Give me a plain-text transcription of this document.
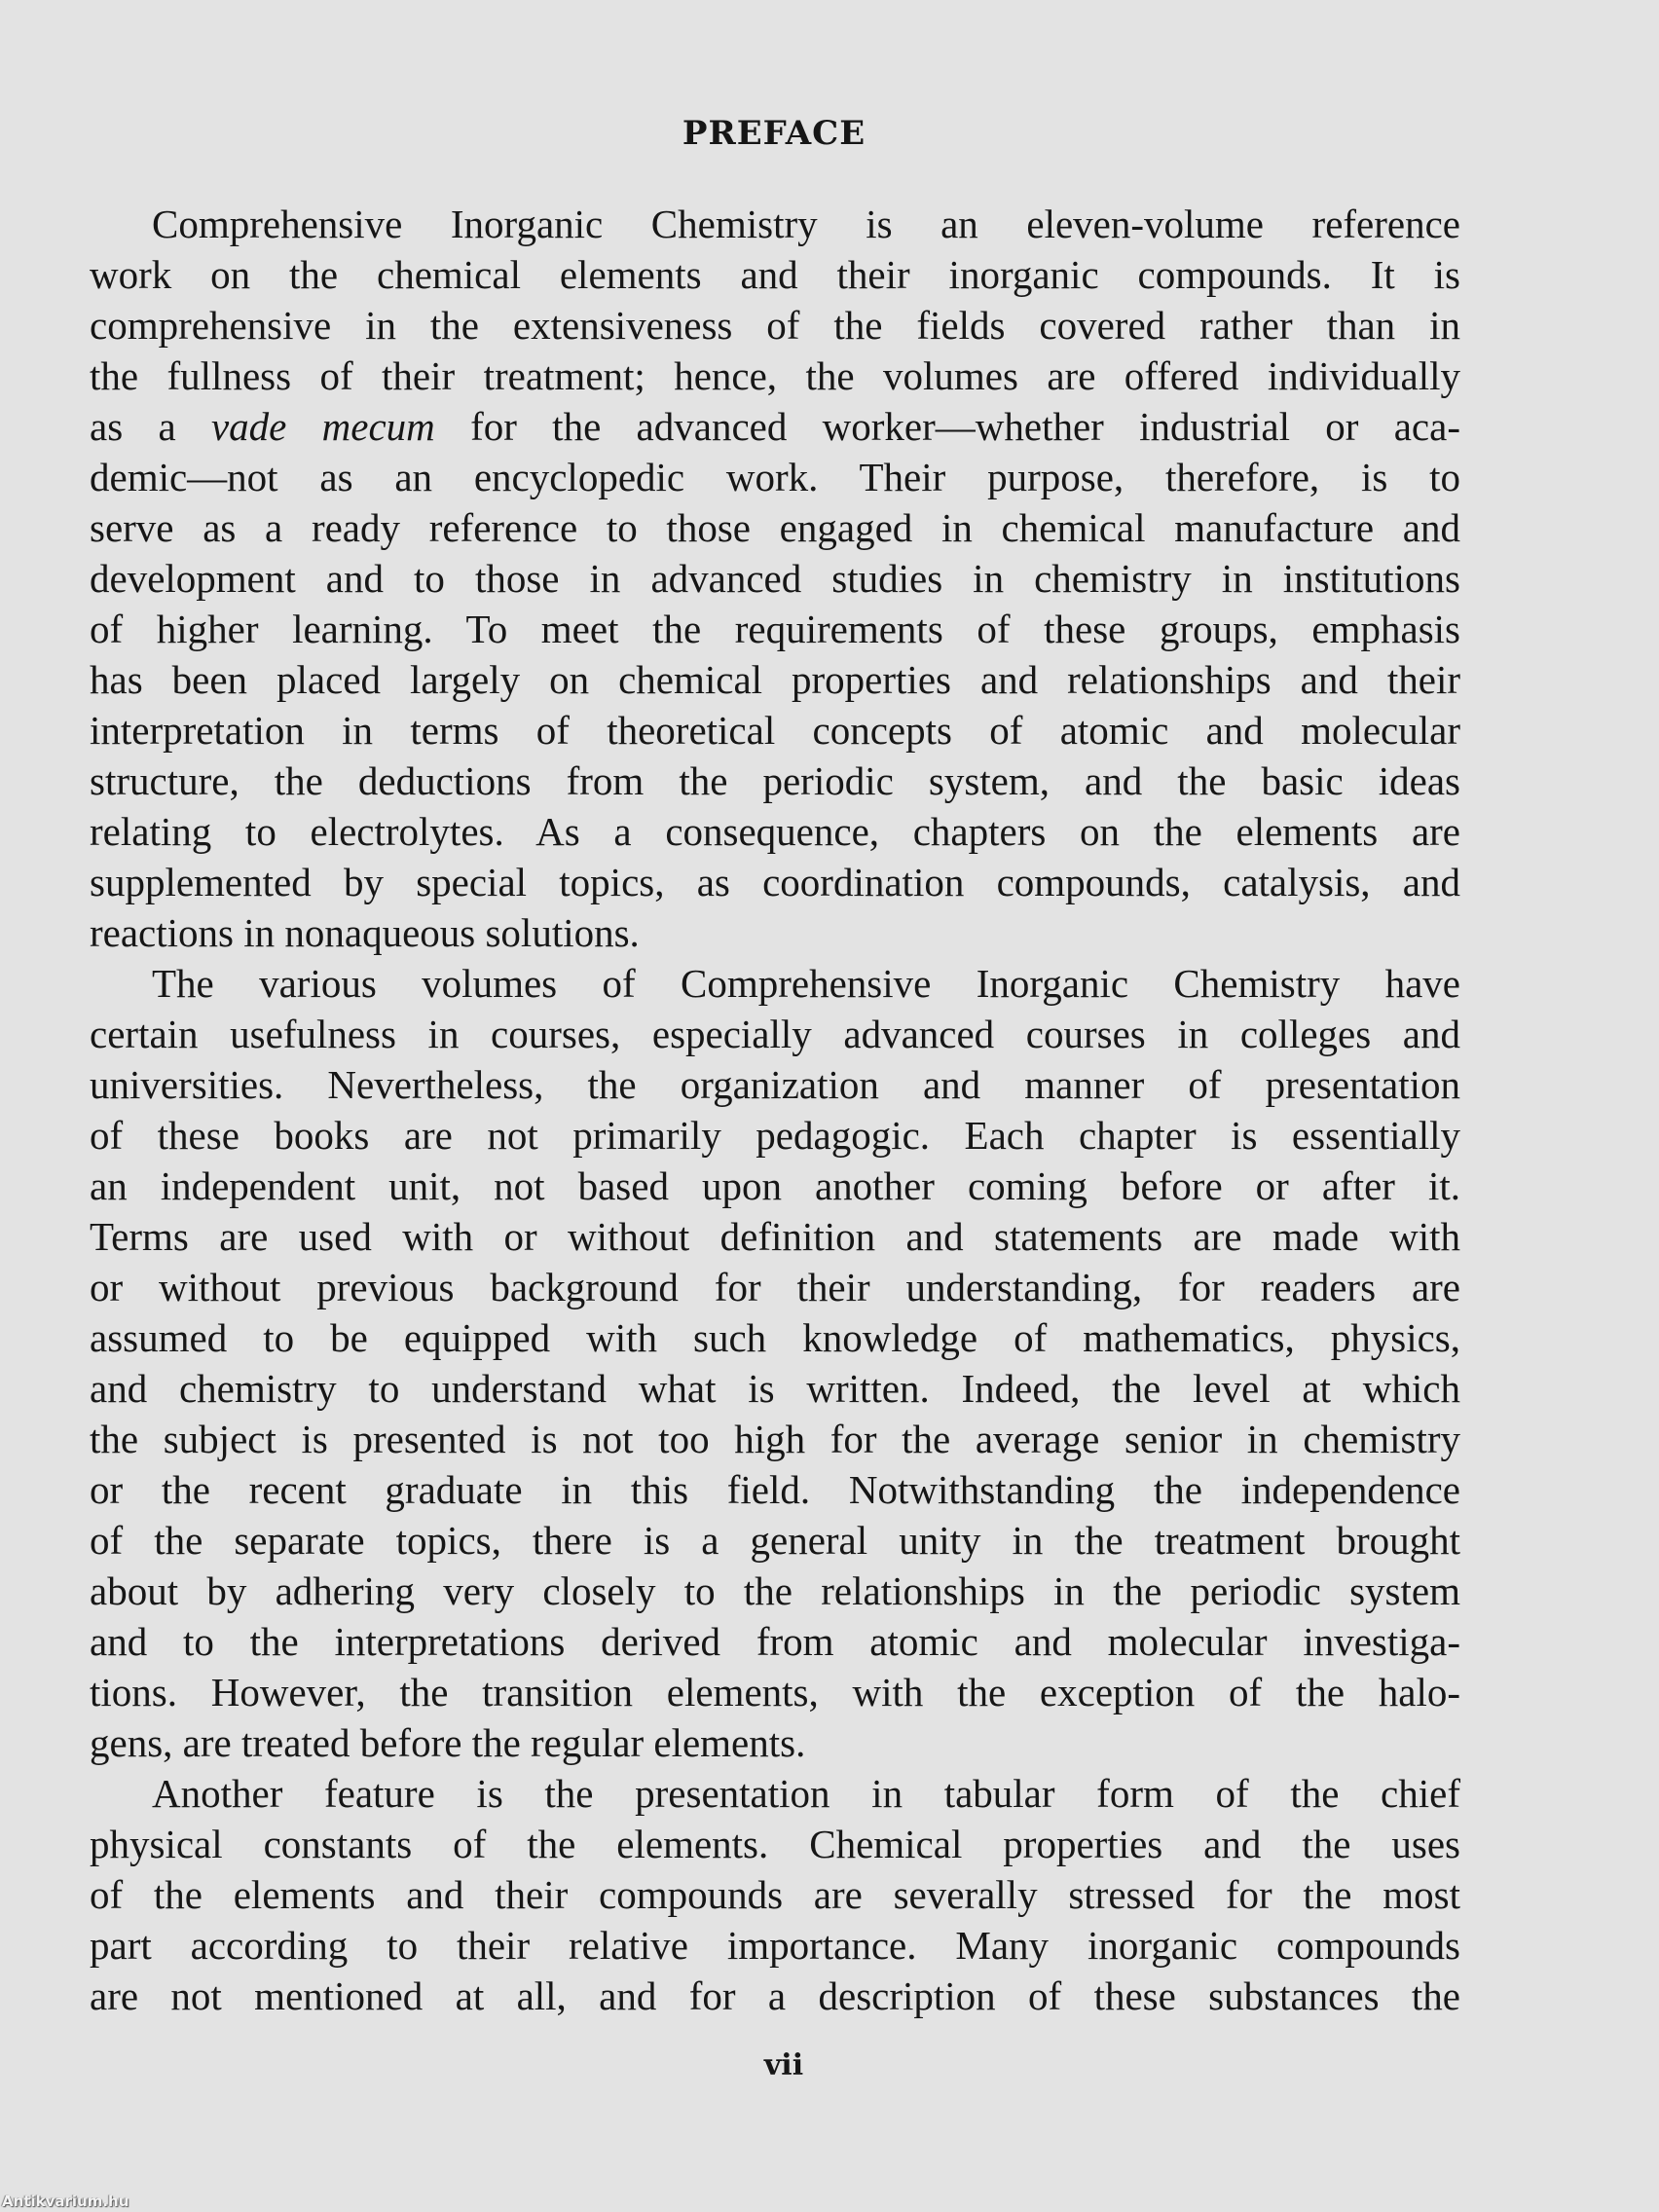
PREFACE
Comprehensive Inorganic Chemistry is an eleven-volume reference
work on the chemical elements and their inorganic compounds. It is
comprehensive in the extensiveness of the fields covered rather than in
the fullness of their treatment; hence, the volumes are offered individually
as a vade mecum for the advanced worker—whether industrial or aca-
demic—not as an encyclopedic work. Their purpose, therefore, is to
serve as a ready reference to those engaged in chemical manufacture and
development and to those in advanced studies in chemistry in institutions
of higher learning. To meet the requirements of these groups, emphasis
has been placed largely on chemical properties and relationships and their
interpretation in terms of theoretical concepts of atomic and molecular
structure, the deductions from the periodic system, and the basic ideas
relating to electrolytes. As a consequence, chapters on the elements are
supplemented by special topics, as coordination compounds, catalysis, and
reactions in nonaqueous solutions.
The various volumes of Comprehensive Inorganic Chemistry have
certain usefulness in courses, especially advanced courses in colleges and
universities. Nevertheless, the organization and manner of presentation
of these books are not primarily pedagogic. Each chapter is essentially
an independent unit, not based upon another coming before or after it.
Terms are used with or without definition and statements are made with
or without previous background for their understanding, for readers are
assumed to be equipped with such knowledge of mathematics, physics,
and chemistry to understand what is written. Indeed, the level at which
the subject is presented is not too high for the average senior in chemistry
or the recent graduate in this field. Notwithstanding the independence
of the separate topics, there is a general unity in the treatment brought
about by adhering very closely to the relationships in the periodic system
and to the interpretations derived from atomic and molecular investiga-
tions. However, the transition elements, with the exception of the halo-
gens, are treated before the regular elements.
Another feature is the presentation in tabular form of the chief
physical constants of the elements. Chemical properties and the uses
of the elements and their compounds are severally stressed for the most
part according to their relative importance. Many inorganic compounds
are not mentioned at all, and for a description of these substances the
vii
Antikvarium.hu
